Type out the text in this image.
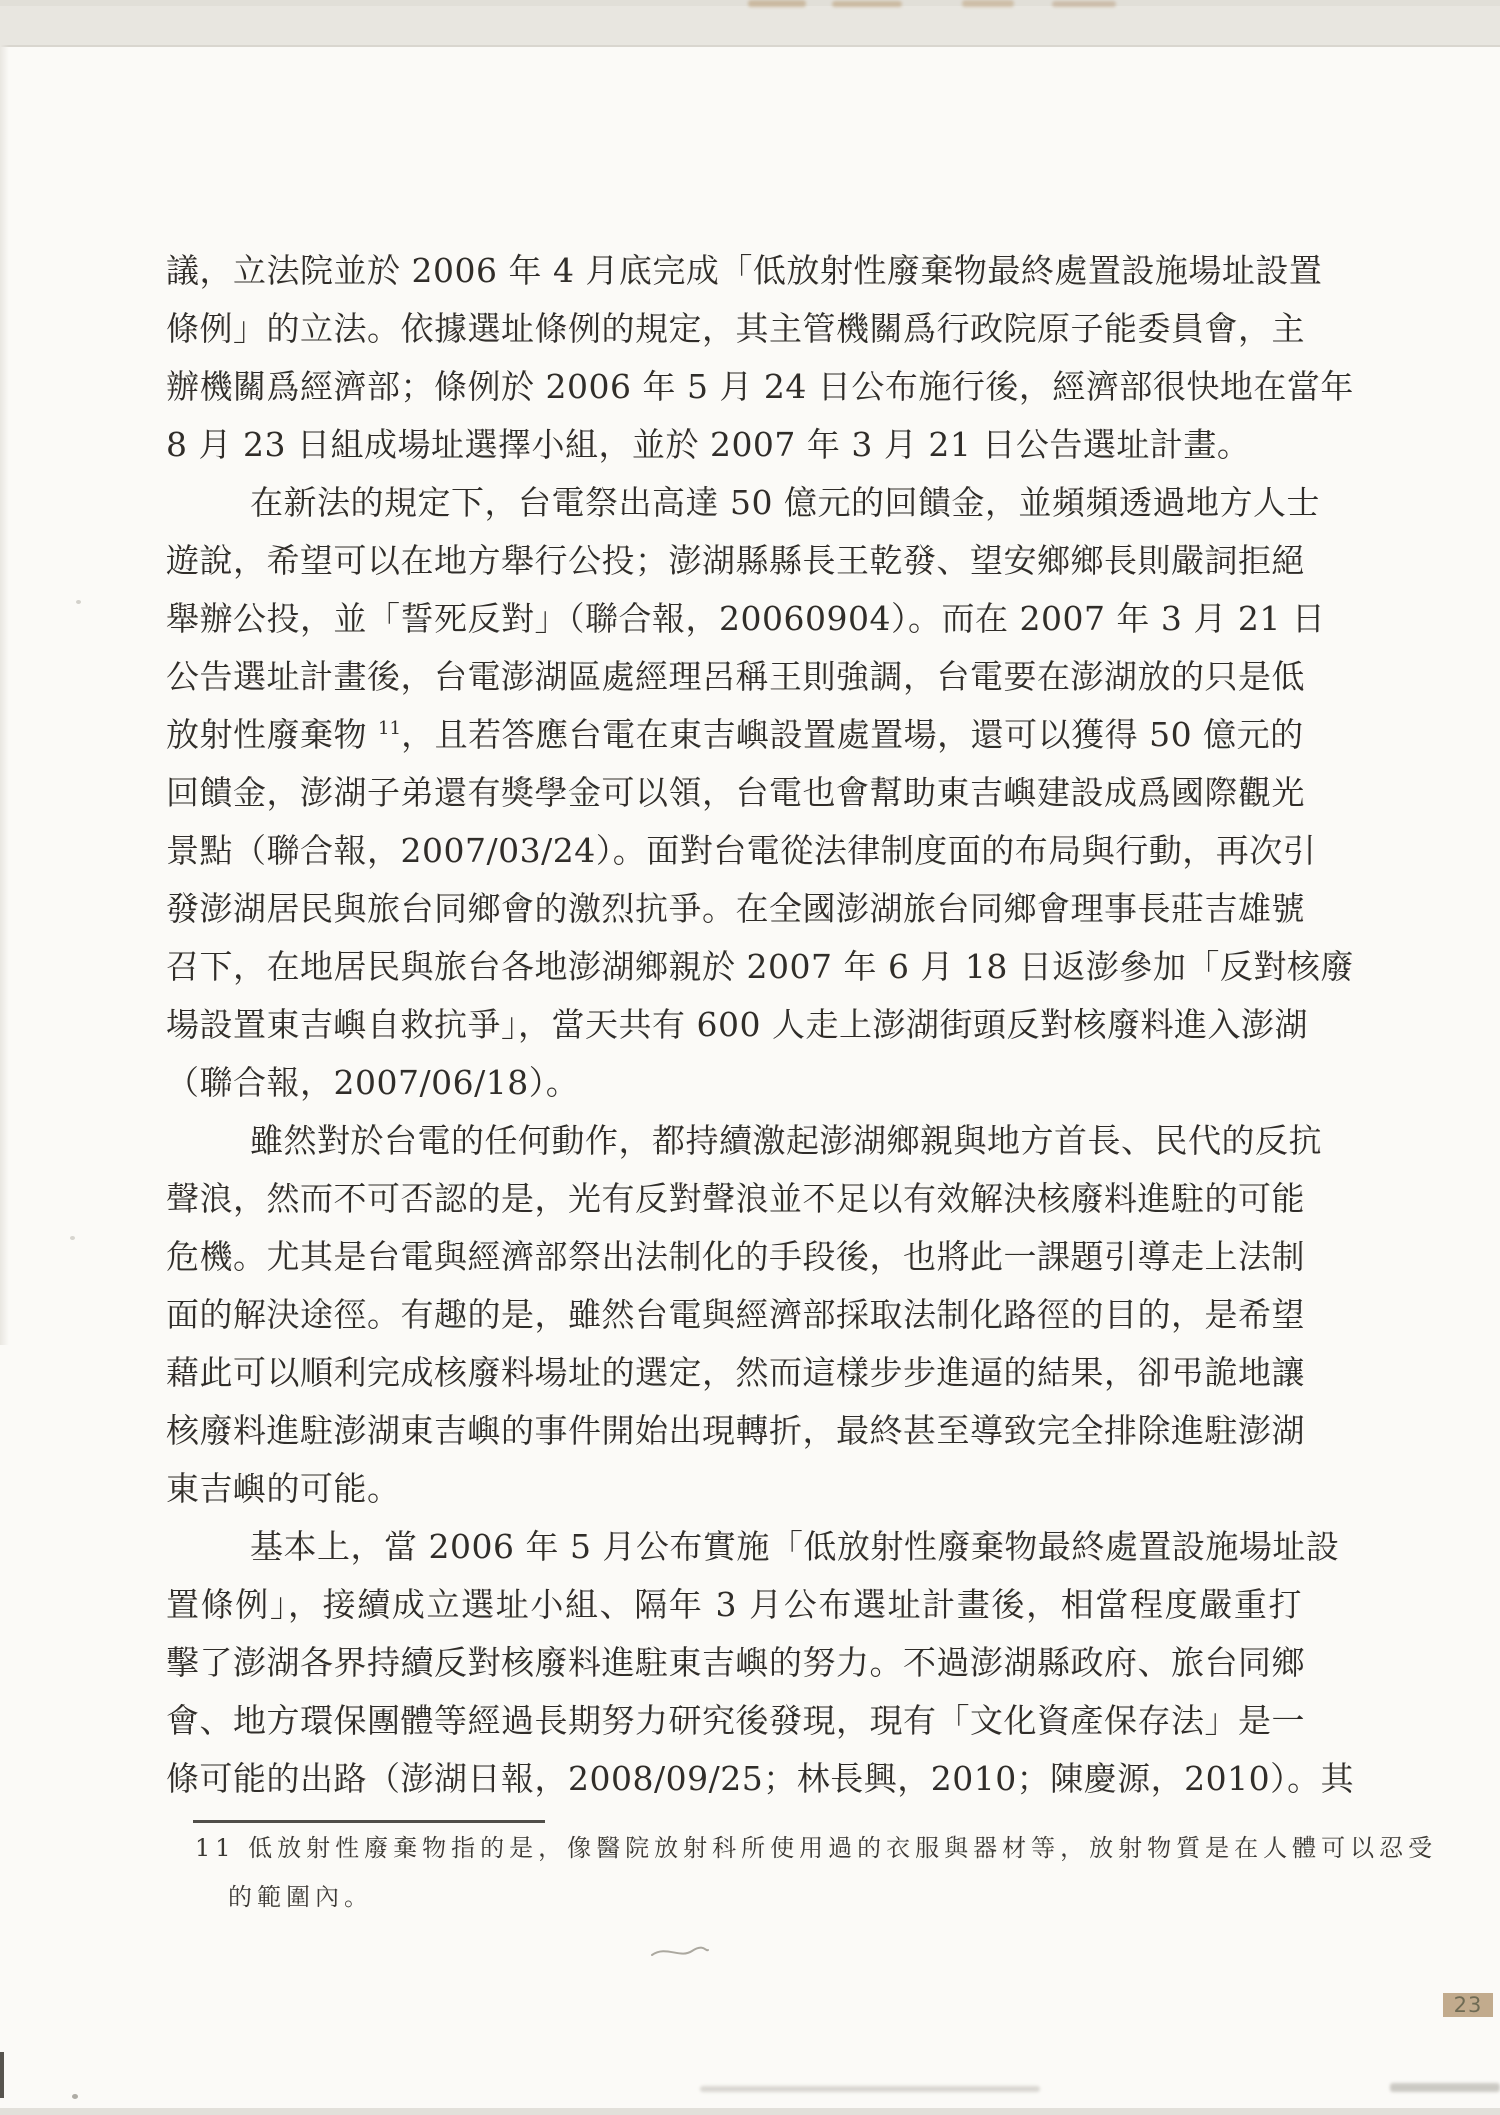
議，立法院並於 2006 年 4 月底完成「低放射性廢棄物最終處置設施場址設置
條例」的立法。依據選址條例的規定，其主管機關爲行政院原子能委員會，主
辦機關爲經濟部；條例於 2006 年 5 月 24 日公布施行後，經濟部很快地在當年
8 月 23 日組成場址選擇小組，並於 2007 年 3 月 21 日公告選址計畫。
在新法的規定下，台電祭出高達 50 億元的回饋金，並頻頻透過地方人士
遊說，希望可以在地方舉行公投；澎湖縣縣長王乾發、望安鄉鄉長則嚴詞拒絕
舉辦公投，並「誓死反對」（聯合報，20060904）。而在 2007 年 3 月 21 日
公告選址計畫後，台電澎湖區處經理呂稱王則強調，台電要在澎湖放的只是低
放射性廢棄物 $^{11}$，且若答應台電在東吉嶼設置處置場，還可以獲得 50 億元的
回饋金，澎湖子弟還有獎學金可以領，台電也會幫助東吉嶼建設成爲國際觀光
景點（聯合報，2007/03/24）。面對台電從法律制度面的布局與行動，再次引
發澎湖居民與旅台同鄉會的激烈抗爭。在全國澎湖旅台同鄉會理事長莊吉雄號
召下，在地居民與旅台各地澎湖鄉親於 2007 年 6 月 18 日返澎參加「反對核廢
場設置東吉嶼自救抗爭」，當天共有 600 人走上澎湖街頭反對核廢料進入澎湖
（聯合報，2007/06/18）。
雖然對於台電的任何動作，都持續激起澎湖鄉親與地方首長、民代的反抗
聲浪，然而不可否認的是，光有反對聲浪並不足以有效解決核廢料進駐的可能
危機。尤其是台電與經濟部祭出法制化的手段後，也將此一課題引導走上法制
面的解決途徑。有趣的是，雖然台電與經濟部採取法制化路徑的目的，是希望
藉此可以順利完成核廢料場址的選定，然而這樣步步進逼的結果，卻弔詭地讓
核廢料進駐澎湖東吉嶼的事件開始出現轉折，最終甚至導致完全排除進駐澎湖
東吉嶼的可能。
基本上，當 2006 年 5 月公布實施「低放射性廢棄物最終處置設施場址設
置條例」，接續成立選址小組、隔年 3 月公布選址計畫後，相當程度嚴重打
擊了澎湖各界持續反對核廢料進駐東吉嶼的努力。不過澎湖縣政府、旅台同鄉
會、地方環保團體等經過長期努力研究後發現，現有「文化資產保存法」是一
條可能的出路（澎湖日報，2008/09/25；林長興，2010；陳慶源，2010）。其
11 低放射性廢棄物指的是，像醫院放射科所使用過的衣服與器材等，放射物質是在人體可以忍受
的範圍內。
23
